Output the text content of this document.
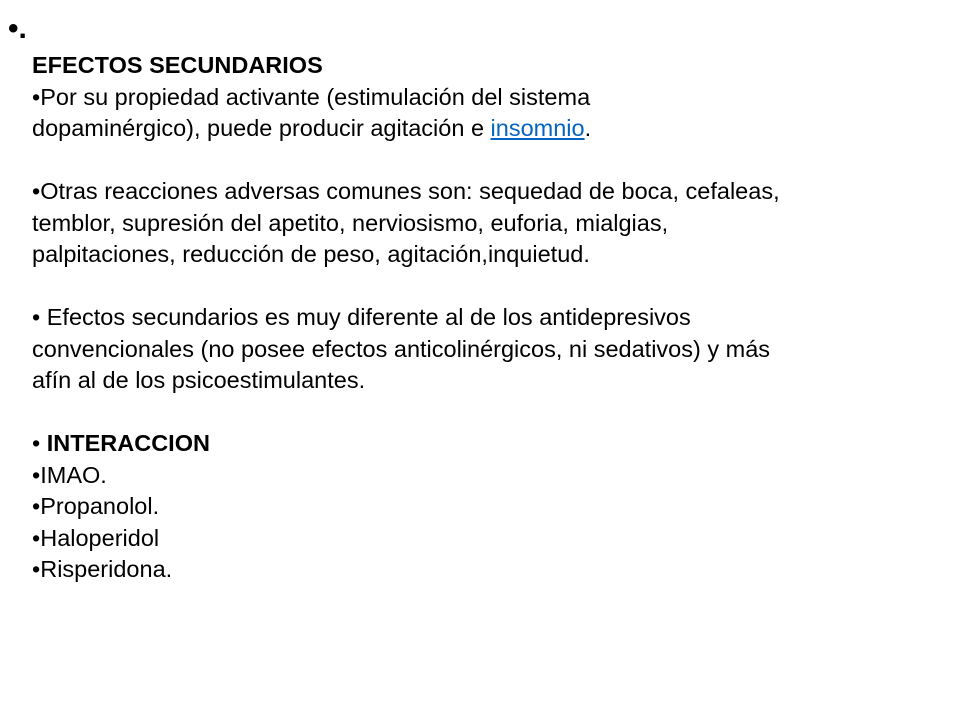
•.
EFECTOS SECUNDARIOS
•Por su propiedad activante (estimulación del sistema
dopaminérgico), puede producir agitación e insomnio.
•Otras reacciones adversas comunes son: sequedad de boca, cefaleas,
temblor, supresión del apetito, nerviosismo, euforia, mialgias,
palpitaciones, reducción de peso, agitación,inquietud.
• Efectos secundarios es muy diferente al de los antidepresivos
convencionales (no posee efectos anticolinérgicos, ni sedativos) y más
afín al de los psicoestimulantes.
• INTERACCION
•IMAO.
•Propanolol.
•Haloperidol
•Risperidona.
